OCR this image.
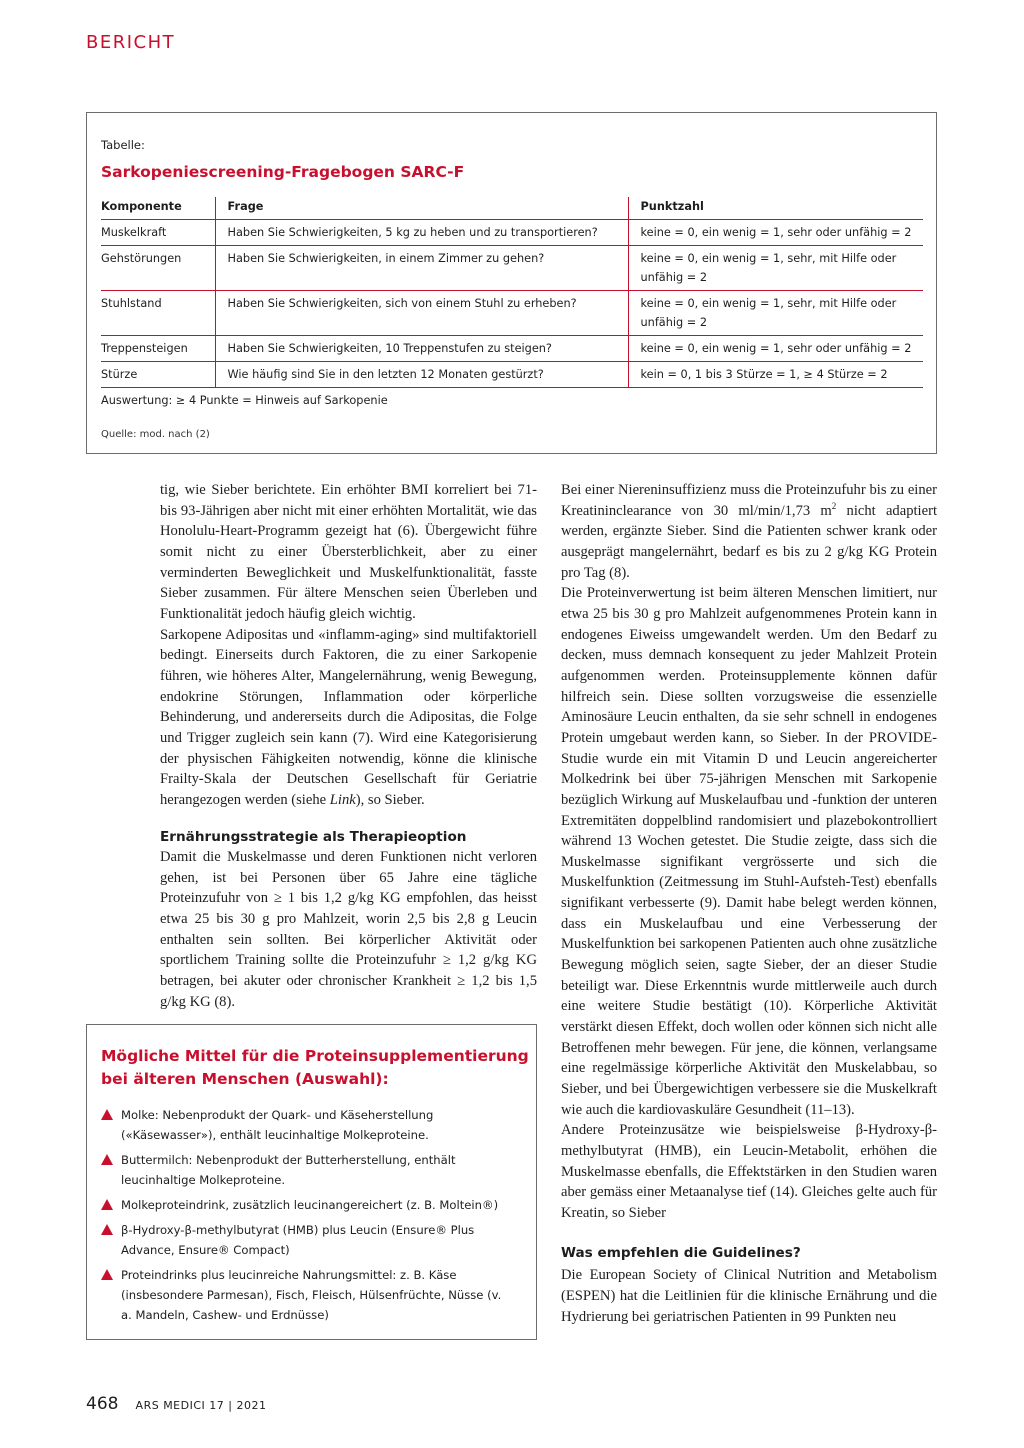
BERICHT
Tabelle:
Sarkopeniescreening-Fragebogen SARC-F
Komponente	Frage	Punktzahl
Muskelkraft	Haben Sie Schwierigkeiten, 5 kg zu heben und zu transportieren?	keine = 0, ein wenig = 1, sehr oder unfähig = 2
Gehstörungen	Haben Sie Schwierigkeiten, in einem Zimmer zu gehen?	keine = 0, ein wenig = 1, sehr, mit Hilfe oder unfähig = 2
Stuhlstand	Haben Sie Schwierigkeiten, sich von einem Stuhl zu erheben?	keine = 0, ein wenig = 1, sehr, mit Hilfe oder unfähig = 2
Treppensteigen	Haben Sie Schwierigkeiten, 10 Treppenstufen zu steigen?	keine = 0, ein wenig = 1, sehr oder unfähig = 2
Stürze	Wie häufig sind Sie in den letzten 12 Monaten gestürzt?	kein = 0, 1 bis 3 Stürze = 1, ≥ 4 Stürze = 2
Auswertung: ≥ 4 Punkte = Hinweis auf Sarkopenie		
Quelle: mod. nach (2)

tig, wie Sieber berichtete. Ein erhöhter BMI korreliert bei 71- bis 93-Jährigen aber nicht mit einer erhöhten Mortalität, wie das Honolulu-Heart-Programm gezeigt hat (6). Übergewicht führe somit nicht zu einer Übersterblichkeit, aber zu einer verminderten Beweglichkeit und Muskelfunktionalität, fasste Sieber zusammen. Für ältere Menschen seien Überleben und Funktionalität jedoch häufig gleich wichtig.

Sarkopene Adipositas und «inflamm-aging» sind multifaktoriell bedingt. Einerseits durch Faktoren, die zu einer Sarkopenie führen, wie höheres Alter, Mangelernährung, wenig Bewegung, endokrine Störungen, Inflammation oder körperliche Behinderung, und andererseits durch die Adipositas, die Folge und Trigger zugleich sein kann (7). Wird eine Kategorisierung der physischen Fähigkeiten notwendig, könne die klinische Frailty-Skala der Deutschen Gesellschaft für Geriatrie herangezogen werden (siehe Link), so Sieber.

Ernährungsstrategie als Therapieoption

Damit die Muskelmasse und deren Funktionen nicht verloren gehen, ist bei Personen über 65 Jahre eine tägliche Proteinzufuhr von ≥ 1 bis 1,2 g/kg KG empfohlen, das heisst etwa 25 bis 30 g pro Mahlzeit, worin 2,5 bis 2,8 g Leucin enthalten sein sollten. Bei körperlicher Aktivität oder sportlichem Training sollte die Proteinzufuhr ≥ 1,2 g/kg KG betragen, bei akuter oder chronischer Krankheit ≥ 1,2 bis 1,5 g/kg KG (8).

Bei einer Niereninsuffizienz muss die Proteinzufuhr bis zu einer Kreatininclearance von 30 ml/min/1,73 $m^2$ nicht adaptiert werden, ergänzte Sieber. Sind die Patienten schwer krank oder ausgeprägt mangelernährt, bedarf es bis zu 2 g/kg KG Protein pro Tag (8).

Die Proteinverwertung ist beim älteren Menschen limitiert, nur etwa 25 bis 30 g pro Mahlzeit aufgenommenes Protein kann in endogenes Eiweiss umgewandelt werden. Um den Bedarf zu decken, muss demnach konsequent zu jeder Mahlzeit Protein aufgenommen werden. Proteinsupplemente können dafür hilfreich sein. Diese sollten vorzugsweise die essenzielle Aminosäure Leucin enthalten, da sie sehr schnell in endogenes Protein umgebaut werden kann, so Sieber. In der PROVIDE-Studie wurde ein mit Vitamin D und Leucin angereicherter Molkedrink bei über 75-jährigen Menschen mit Sarkopenie bezüglich Wirkung auf Muskelaufbau und -funktion der unteren Extremitäten doppelblind randomisiert und plazebokontrolliert während 13 Wochen getestet. Die Studie zeigte, dass sich die Muskelmasse signifikant vergrösserte und sich die Muskelfunktion (Zeitmessung im Stuhl-Aufsteh-Test) ebenfalls signifikant verbesserte (9). Damit habe belegt werden können, dass ein Muskelaufbau und eine Verbesserung der Muskelfunktion bei sarkopenen Patienten auch ohne zusätzliche Bewegung möglich seien, sagte Sieber, der an dieser Studie beteiligt war. Diese Erkenntnis wurde mittlerweile auch durch eine weitere Studie bestätigt (10). Körperliche Aktivität verstärkt diesen Effekt, doch wollen oder können sich nicht alle Betroffenen mehr bewegen. Für jene, die können, verlangsame eine regelmässige körperliche Aktivität den Muskelabbau, so Sieber, und bei Übergewichtigen verbessere sie die Muskelkraft wie auch die kardiovaskuläre Gesundheit (11–13).

Andere Proteinzusätze wie beispielsweise β-Hydroxy-β-methylbutyrat (HMB), ein Leucin-Metabolit, erhöhen die Muskelmasse ebenfalls, die Effektstärken in den Studien waren aber gemäss einer Metaanalyse tief (14). Gleiches gelte auch für Kreatin, so Sieber

Was empfehlen die Guidelines?

Die European Society of Clinical Nutrition and Metabolism (ESPEN) hat die Leitlinien für die klinische Ernährung und die Hydrierung bei geriatrischen Patienten in 99 Punkten neu

Mögliche Mittel für die Proteinsupplementierung bei älteren Menschen (Auswahl):
Molke: Nebenprodukt der Quark- und Käseherstellung («Käsewasser»), enthält leucinhaltige Molkeproteine.
Buttermilch: Nebenprodukt der Butterherstellung, enthält leucinhaltige Molkeproteine.
Molkeproteindrink, zusätzlich leucinangereichert (z. B. Moltein®)
β-Hydroxy-β-methylbutyrat (HMB) plus Leucin (Ensure® Plus Advance, Ensure® Compact)
Proteindrinks plus leucinreiche Nahrungsmittel: z. B. Käse (insbesondere Parmesan), Fisch, Fleisch, Hülsenfrüchte, Nüsse (v. a. Mandeln, Cashew- und Erdnüsse)
468 ARS MEDICI 17 | 2021
